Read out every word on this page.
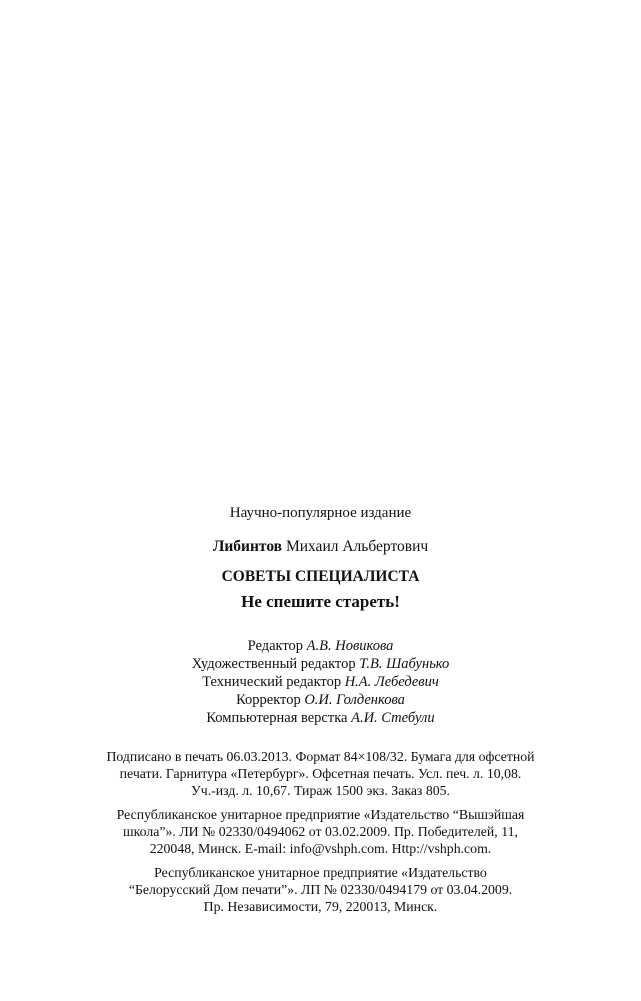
Научно-популярное издание
Либинтов Михаил Альбертович
СОВЕТЫ СПЕЦИАЛИСТА
Не спешите стареть!
Редактор А.В. Новикова
Художественный редактор Т.В. Шабунько
Технический редактор Н.А. Лебедевич
Корректор О.И. Голденкова
Компьютерная верстка А.И. Стебули
Подписано в печать 06.03.2013. Формат 84×108/32. Бумага для офсетной
печати. Гарнитура «Петербург». Офсетная печать. Усл. печ. л. 10,08.
Уч.-изд. л. 10,67. Тираж 1500 экз. Заказ 805.
Республиканское унитарное предприятие «Издательство “Вышэйшая
школа”». ЛИ № 02330/0494062 от 03.02.2009. Пр. Победителей, 11,
220048, Минск. E-mail: info@vshph.com. Http://vshph.com.
Республиканское унитарное предприятие «Издательство
“Белорусский Дом печати”». ЛП № 02330/0494179 от 03.04.2009.
Пр. Независимости, 79, 220013, Минск.
